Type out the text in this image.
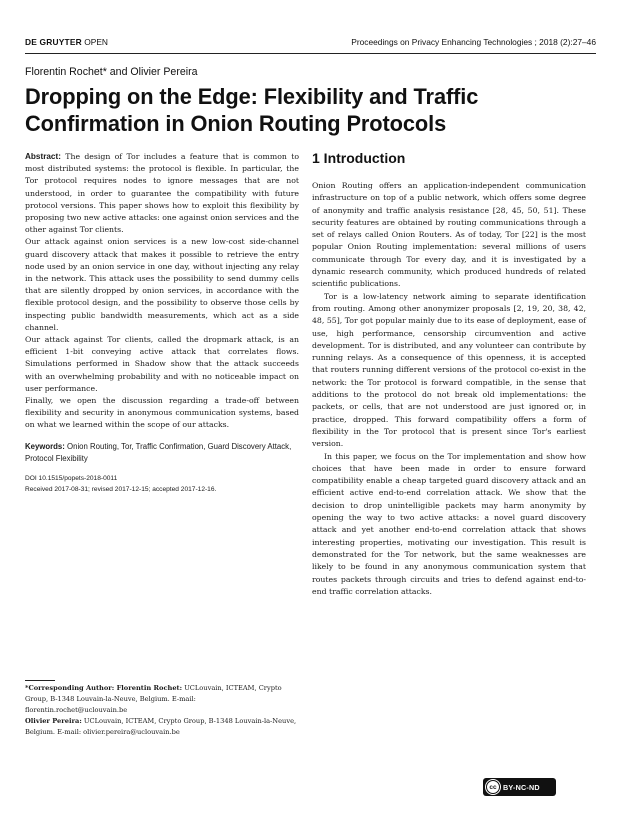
DE GRUYTER OPEN	Proceedings on Privacy Enhancing Technologies ; 2018 (2):27–46
Florentin Rochet* and Olivier Pereira
Dropping on the Edge: Flexibility and Traffic Confirmation in Onion Routing Protocols

Abstract: The design of Tor includes a feature that is common to most distributed systems: the protocol is flexible. In particular, the Tor protocol requires nodes to ignore messages that are not understood, in order to guarantee the compatibility with future protocol versions. This paper shows how to exploit this flexibility by proposing two new active attacks: one against onion services and the other against Tor clients.

Our attack against onion services is a new low-cost side-channel guard discovery attack that makes it possible to retrieve the entry node used by an onion service in one day, without injecting any relay in the network. This attack uses the possibility to send dummy cells that are silently dropped by onion services, in accordance with the flexible protocol design, and the possibility to observe those cells by inspecting public bandwidth measurements, which act as a side channel.

Our attack against Tor clients, called the dropmark attack, is an efficient 1-bit conveying active attack that correlates flows. Simulations performed in Shadow show that the attack succeeds with an overwhelming probability and with no noticeable impact on user performance.

Finally, we open the discussion regarding a trade-off between flexibility and security in anonymous communication systems, based on what we learned within the scope of our attacks.

Keywords: Onion Routing, Tor, Traffic Confirmation, Guard Discovery Attack, Protocol Flexibility

DOI 10.1515/popets-2018-0011
Received 2017-08-31; revised 2017-12-15; accepted 2017-12-16.

*Corresponding Author: Florentin Rochet: UCLouvain, ICTEAM, Crypto Group, B-1348 Louvain-la-Neuve, Belgium. E-mail: florentin.rochet@uclouvain.be

Olivier Pereira: UCLouvain, ICTEAM, Crypto Group, B-1348 Louvain-la-Neuve, Belgium. E-mail: olivier.pereira@uclouvain.be

1 Introduction

Onion Routing offers an application-independent communication infrastructure on top of a public network, which offers some degree of anonymity and traffic analysis resistance [28, 45, 50, 51]. These security features are obtained by routing communications through a set of relays called Onion Routers. As of today, Tor [22] is the most popular Onion Routing implementation: several millions of users communicate through Tor every day, and it is investigated by a dynamic research community, which produced hundreds of related scientific publications.

Tor is a low-latency network aiming to separate identification from routing. Among other anonymizer proposals [2, 19, 20, 38, 42, 48, 55], Tor got popular mainly due to its ease of deployment, ease of use, high performance, censorship circumvention and active development. Tor is distributed, and any volunteer can contribute by running relays. As a consequence of this openness, it is accepted that routers running different versions of the protocol co-exist in the network: the Tor protocol is forward compatible, in the sense that additions to the protocol do not break old implementations: the packets, or cells, that are not understood are just ignored or, in practice, dropped. This forward compatibility offers a form of flexibility in the Tor protocol that is present since Tor's earliest version.

In this paper, we focus on the Tor implementation and show how choices that have been made in order to ensure forward compatibility enable a cheap targeted guard discovery attack and an efficient active end-to-end correlation attack. We show that the decision to drop unintelligible packets may harm anonymity by opening the way to two active attacks: a novel guard discovery attack and yet another end-to-end correlation attack that shows interesting properties, motivating our investigation. This result is demonstrated for the Tor network, but the same weaknesses are likely to be found in any anonymous communication system that routes packets through circuits and tries to defend against end-to-end traffic correlation attacks.

cc BY-NC-ND
